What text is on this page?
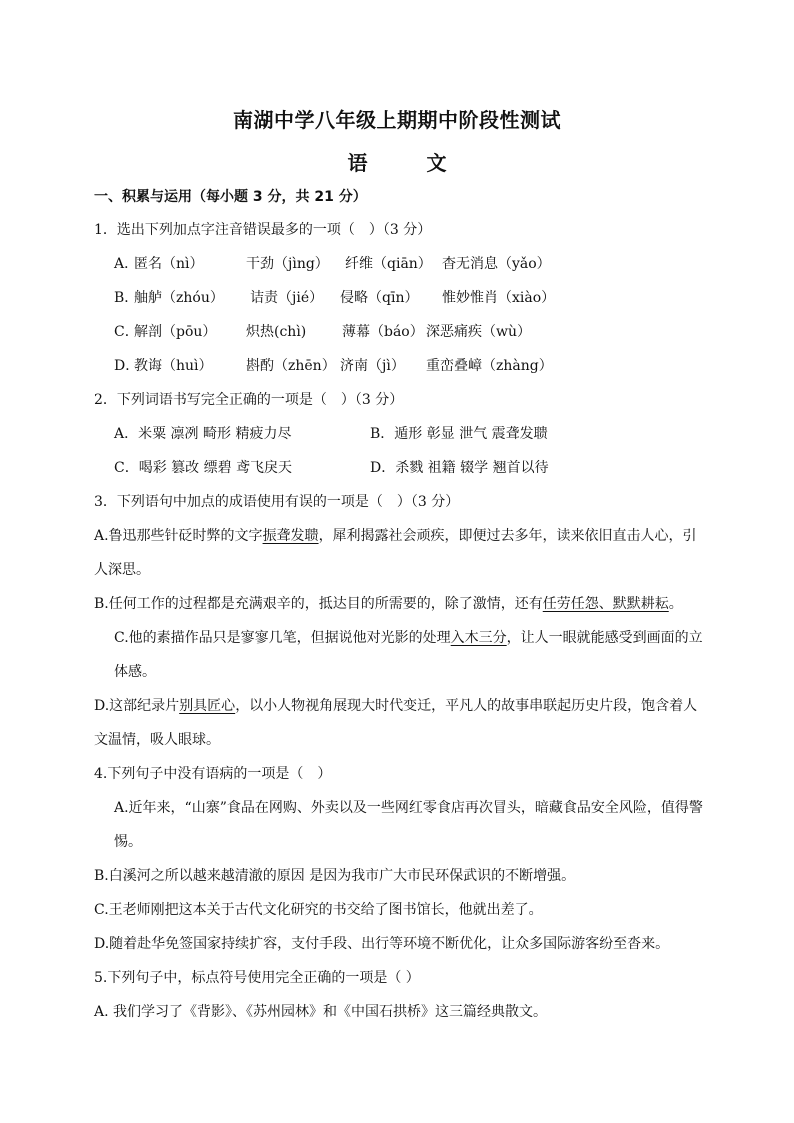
南湖中学八年级上期期中阶段性测试
语 文
一、积累与运用（每小题 3 分，共 21 分）
1．选出下列加点字注音错误最多的一项（　）（3 分）
A．匿名（nì）	干劲（jìng） 纤维（qiān） 杳无消息（yǎo）
B．舳舻（zhóu） 诘责（jié） 侵略（qīn） 惟妙惟肖（xiào）
C．解剖（pōu） 炽热(chì)	薄幕（báo） 深恶痛疾（wù）
D．教诲（huì） 斟酌（zhēn） 济南（jì） 重峦叠嶂（zhàng）
2．下列词语书写完全正确的一项是（　）（3 分）
A．米粟 凛冽 畸形 精疲力尽	B．遁形 彰显 泄气 震聋发聩
C．喝彩 篡改 缥碧 鸢飞戾天	D．杀戮 祖籍 辍学 翘首以待
3．下列语句中加点的成语使用有误的一项是（　）（3 分）
A.鲁迅那些针砭时弊的文字振聋发聩，犀利揭露社会顽疾，即便过去多年，读来依旧直击人心，引
人深思。
B.任何工作的过程都是充满艰辛的，抵达目的所需要的，除了激情，还有任劳任怨、默默耕耘。
C.他的素描作品只是寥寥几笔，但据说他对光影的处理入木三分，让人一眼就能感受到画面的立
体感。
D.这部纪录片别具匠心，以小人物视角展现大时代变迁，平凡人的故事串联起历史片段，饱含着人
文温情，吸人眼球。
4.下列句子中没有语病的一项是（　）
A.近年来，“山寨”食品在网购、外卖以及一些网红零食店再次冒头，暗藏食品安全风险，值得警
惕。
B.白溪河之所以越来越清澈的原因 是因为我市广大市民环保武识的不断增强。
C.王老师刚把这本关于古代文化研究的书交给了图书馆长，他就出差了。
D.随着赴华免签国家持续扩容，支付手段、出行等环境不断优化，让众多国际游客纷至沓来。
5.下列句子中，标点符号使用完全正确的一项是（ ）
A. 我们学习了《背影》、《苏州园林》和《中国石拱桥》这三篇经典散文。
